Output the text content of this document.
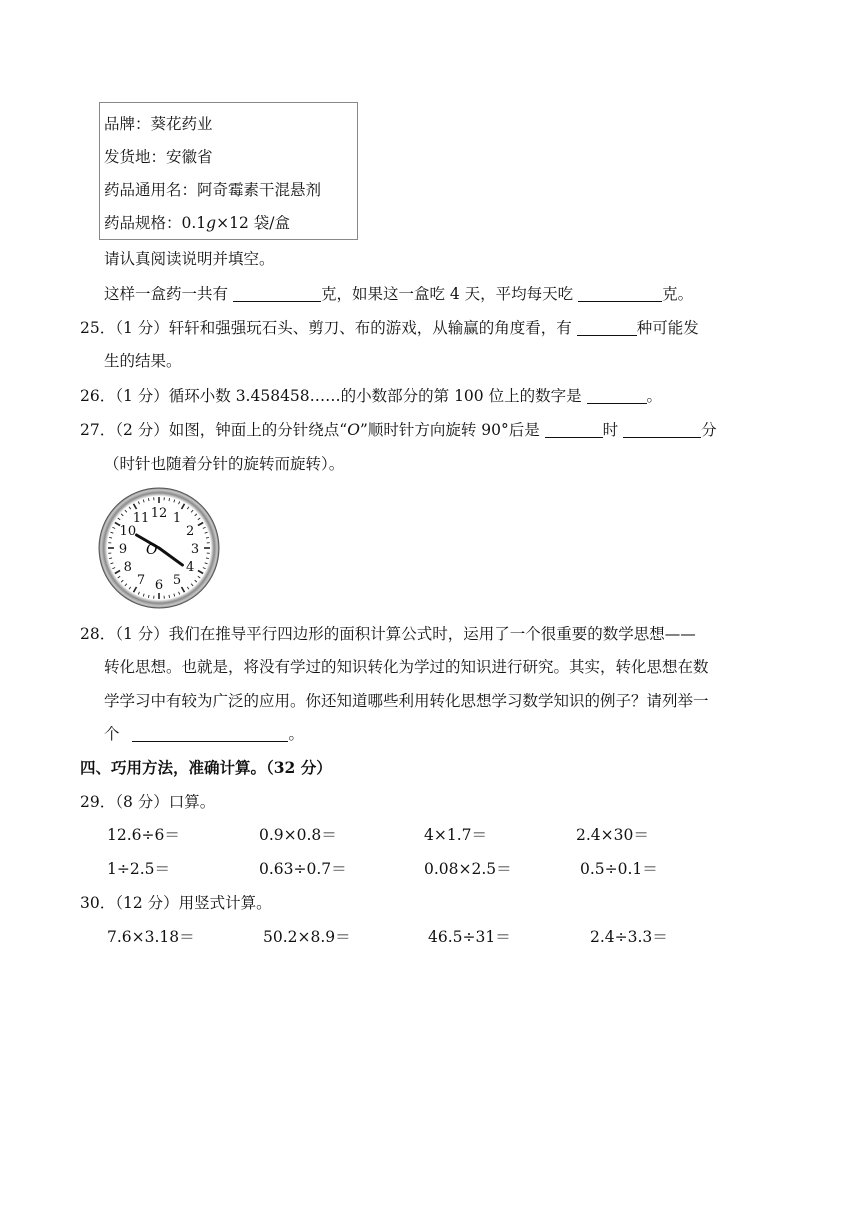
品牌：葵花药业
发货地：安徽省
药品通用名：阿奇霉素干混悬剂
药品规格：0.1g×12 袋/盒
请认真阅读说明并填空。
这样一盒药一共有	克，如果这一盒吃 4 天，平均每天吃	克。
25．（1 分）轩轩和强强玩石头、剪刀、布的游戏，从输赢的角度看，有	种可能发
生的结果。
26．（1 分）循环小数 3.458458……的小数部分的第 100 位上的数字是	。
27．（2 分）如图，钟面上的分针绕点“O”顺时针方向旋转 90°后是	时	分
（时针也随着分针的旋转而旋转）。
12 1
2
3
4
5
6
7
8
9
10
11
O
28．（1 分）我们在推导平行四边形的面积计算公式时，运用了一个很重要的数学思想——
转化思想。也就是，将没有学过的知识转化为学过的知识进行研究。其实，转化思想在数
学学习中有较为广泛的应用。你还知道哪些利用转化思想学习数学知识的例子？请列举一
个	。
四、巧用方法，准确计算。（32 分）
29．（8 分）口算。
12.6÷6＝	0.9×0.8＝	4×1.7＝	2.4×30＝
1÷2.5＝	0.63÷0.7＝	0.08×2.5＝	0.5÷0.1＝
30．（12 分）用竖式计算。
7.6×3.18＝	50.2×8.9＝	46.5÷31＝	2.4÷3.3＝
